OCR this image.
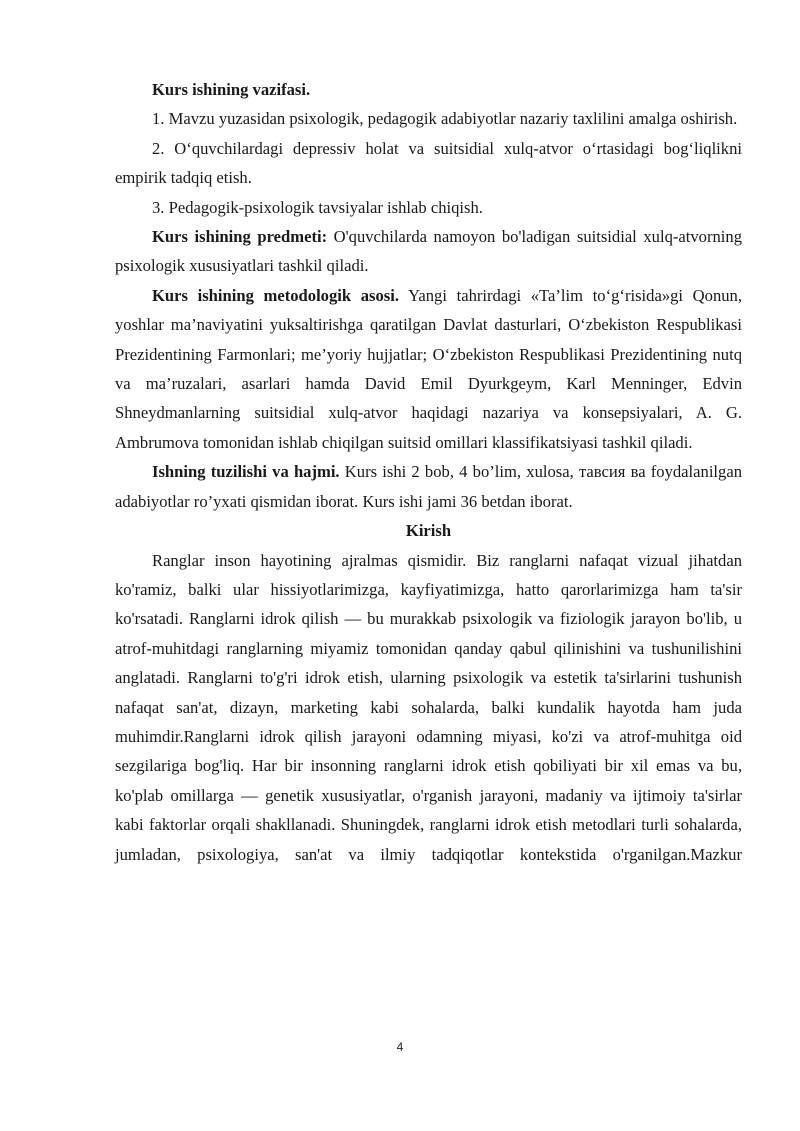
Kurs ishining vazifasi.

1. Mavzu yuzasidan psixologik, pedagogik adabiyotlar nazariy taxlilini amalga oshirish.

2. O‘quvchilardagi depressiv holat va suitsidial xulq-atvor o‘rtasidagi bog‘liqlikni empirik tadqiq etish.

3. Pedagogik-psixologik tavsiyalar ishlab chiqish.

Kurs ishining predmeti: O'quvchilarda namoyon bo'ladigan suitsidial xulq-atvorning psixologik xususiyatlari tashkil qiladi.

Kurs ishining metodologik asosi. Yangi tahrirdagi «Ta’lim to‘g‘risida»gi Qonun, yoshlar ma’naviyatini yuksaltirishga qaratilgan Davlat dasturlari, O‘zbekiston Respublikasi Prezidentining Farmonlari; me’yoriy hujjatlar; O‘zbekiston Respublikasi Prezidentining nutq va ma’ruzalari, asarlari hamda David Emil Dyurkgeym, Karl Menninger, Edvin Shneydmanlarning suitsidial xulq-atvor haqidagi nazariya va konsepsiyalari, A. G. Ambrumova tomonidan ishlab chiqilgan suitsid omillari klassifikatsiyasi tashkil qiladi.

Ishning tuzilishi va hajmi. Kurs ishi 2 bob, 4 bo’lim, xulosa, тавсия ва foydalanilgan adabiyotlar ro’yxati qismidan iborat. Kurs ishi jami 36 betdan iborat.

Kirish

Ranglar inson hayotining ajralmas qismidir. Biz ranglarni nafaqat vizual jihatdan ko'ramiz, balki ular hissiyotlarimizga, kayfiyatimizga, hatto qarorlarimizga ham ta'sir ko'rsatadi. Ranglarni idrok qilish — bu murakkab psixologik va fiziologik jarayon bo'lib, u atrof-muhitdagi ranglarning miyamiz tomonidan qanday qabul qilinishini va tushunilishini anglatadi. Ranglarni to'g'ri idrok etish, ularning psixologik va estetik ta'sirlarini tushunish nafaqat san'at, dizayn, marketing kabi sohalarda, balki kundalik hayotda ham juda muhimdir.Ranglarni idrok qilish jarayoni odamning miyasi, ko'zi va atrof-muhitga oid sezgilariga bog'liq. Har bir insonning ranglarni idrok etish qobiliyati bir xil emas va bu, ko'plab omillarga — genetik xususiyatlar, o'rganish jarayoni, madaniy va ijtimoiy ta'sirlar kabi faktorlar orqali shakllanadi. Shuningdek, ranglarni idrok etish metodlari turli sohalarda, jumladan, psixologiya, san'at va ilmiy tadqiqotlar kontekstida o'rganilgan.Mazkur

4
